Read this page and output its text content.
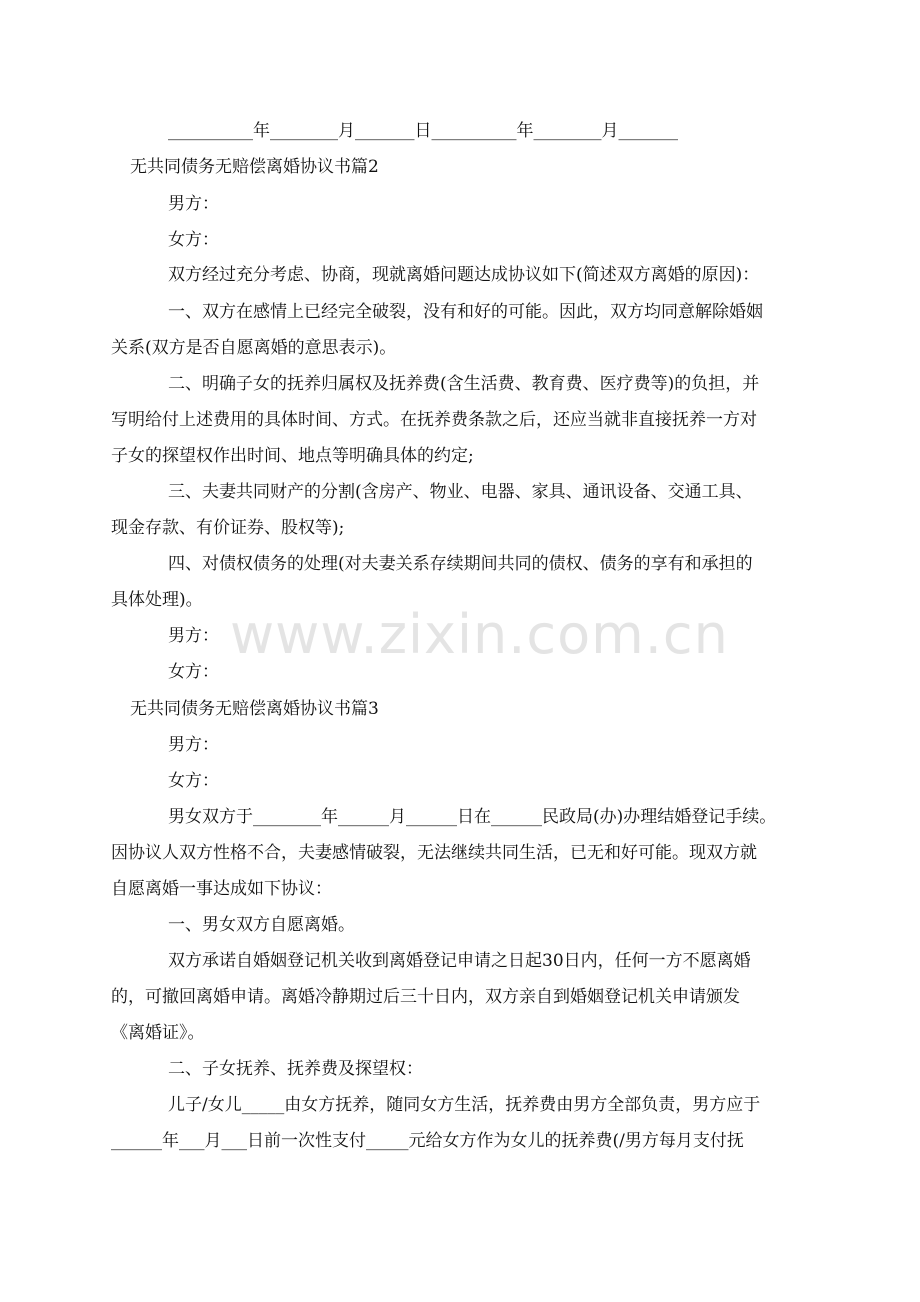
www.zixin.com.cn
__________年________月_______日__________年________月_______
无共同债务无赔偿离婚协议书篇2
男方：
女方：
双方经过充分考虑、协商，现就离婚问题达成协议如下(简述双方离婚的原因)：
一、双方在感情上已经完全破裂，没有和好的可能。因此，双方均同意解除婚姻
关系(双方是否自愿离婚的意思表示)。
二、明确子女的抚养归属权及抚养费(含生活费、教育费、医疗费等)的负担，并
写明给付上述费用的具体时间、方式。在抚养费条款之后，还应当就非直接抚养一方对
子女的探望权作出时间、地点等明确具体的约定;
三、夫妻共同财产的分割(含房产、物业、电器、家具、通讯设备、交通工具、
现金存款、有价证券、股权等);
四、对债权债务的处理(对夫妻关系存续期间共同的债权、债务的享有和承担的
具体处理)。
男方：
女方：
无共同债务无赔偿离婚协议书篇3
男方：
女方：
男女双方于________年______月______日在______民政局(办)办理结婚登记手续。
因协议人双方性格不合，夫妻感情破裂，无法继续共同生活，已无和好可能。现双方就
自愿离婚一事达成如下协议：
一、男女双方自愿离婚。
双方承诺自婚姻登记机关收到离婚登记申请之日起30日内，任何一方不愿离婚
的，可撤回离婚申请。离婚冷静期过后三十日内，双方亲自到婚姻登记机关申请颁发
《离婚证》。
二、子女抚养、抚养费及探望权：
儿子/女儿_____由女方抚养，随同女方生活，抚养费由男方全部负责，男方应于
______年___月___日前一次性支付_____元给女方作为女儿的抚养费(/男方每月支付抚
